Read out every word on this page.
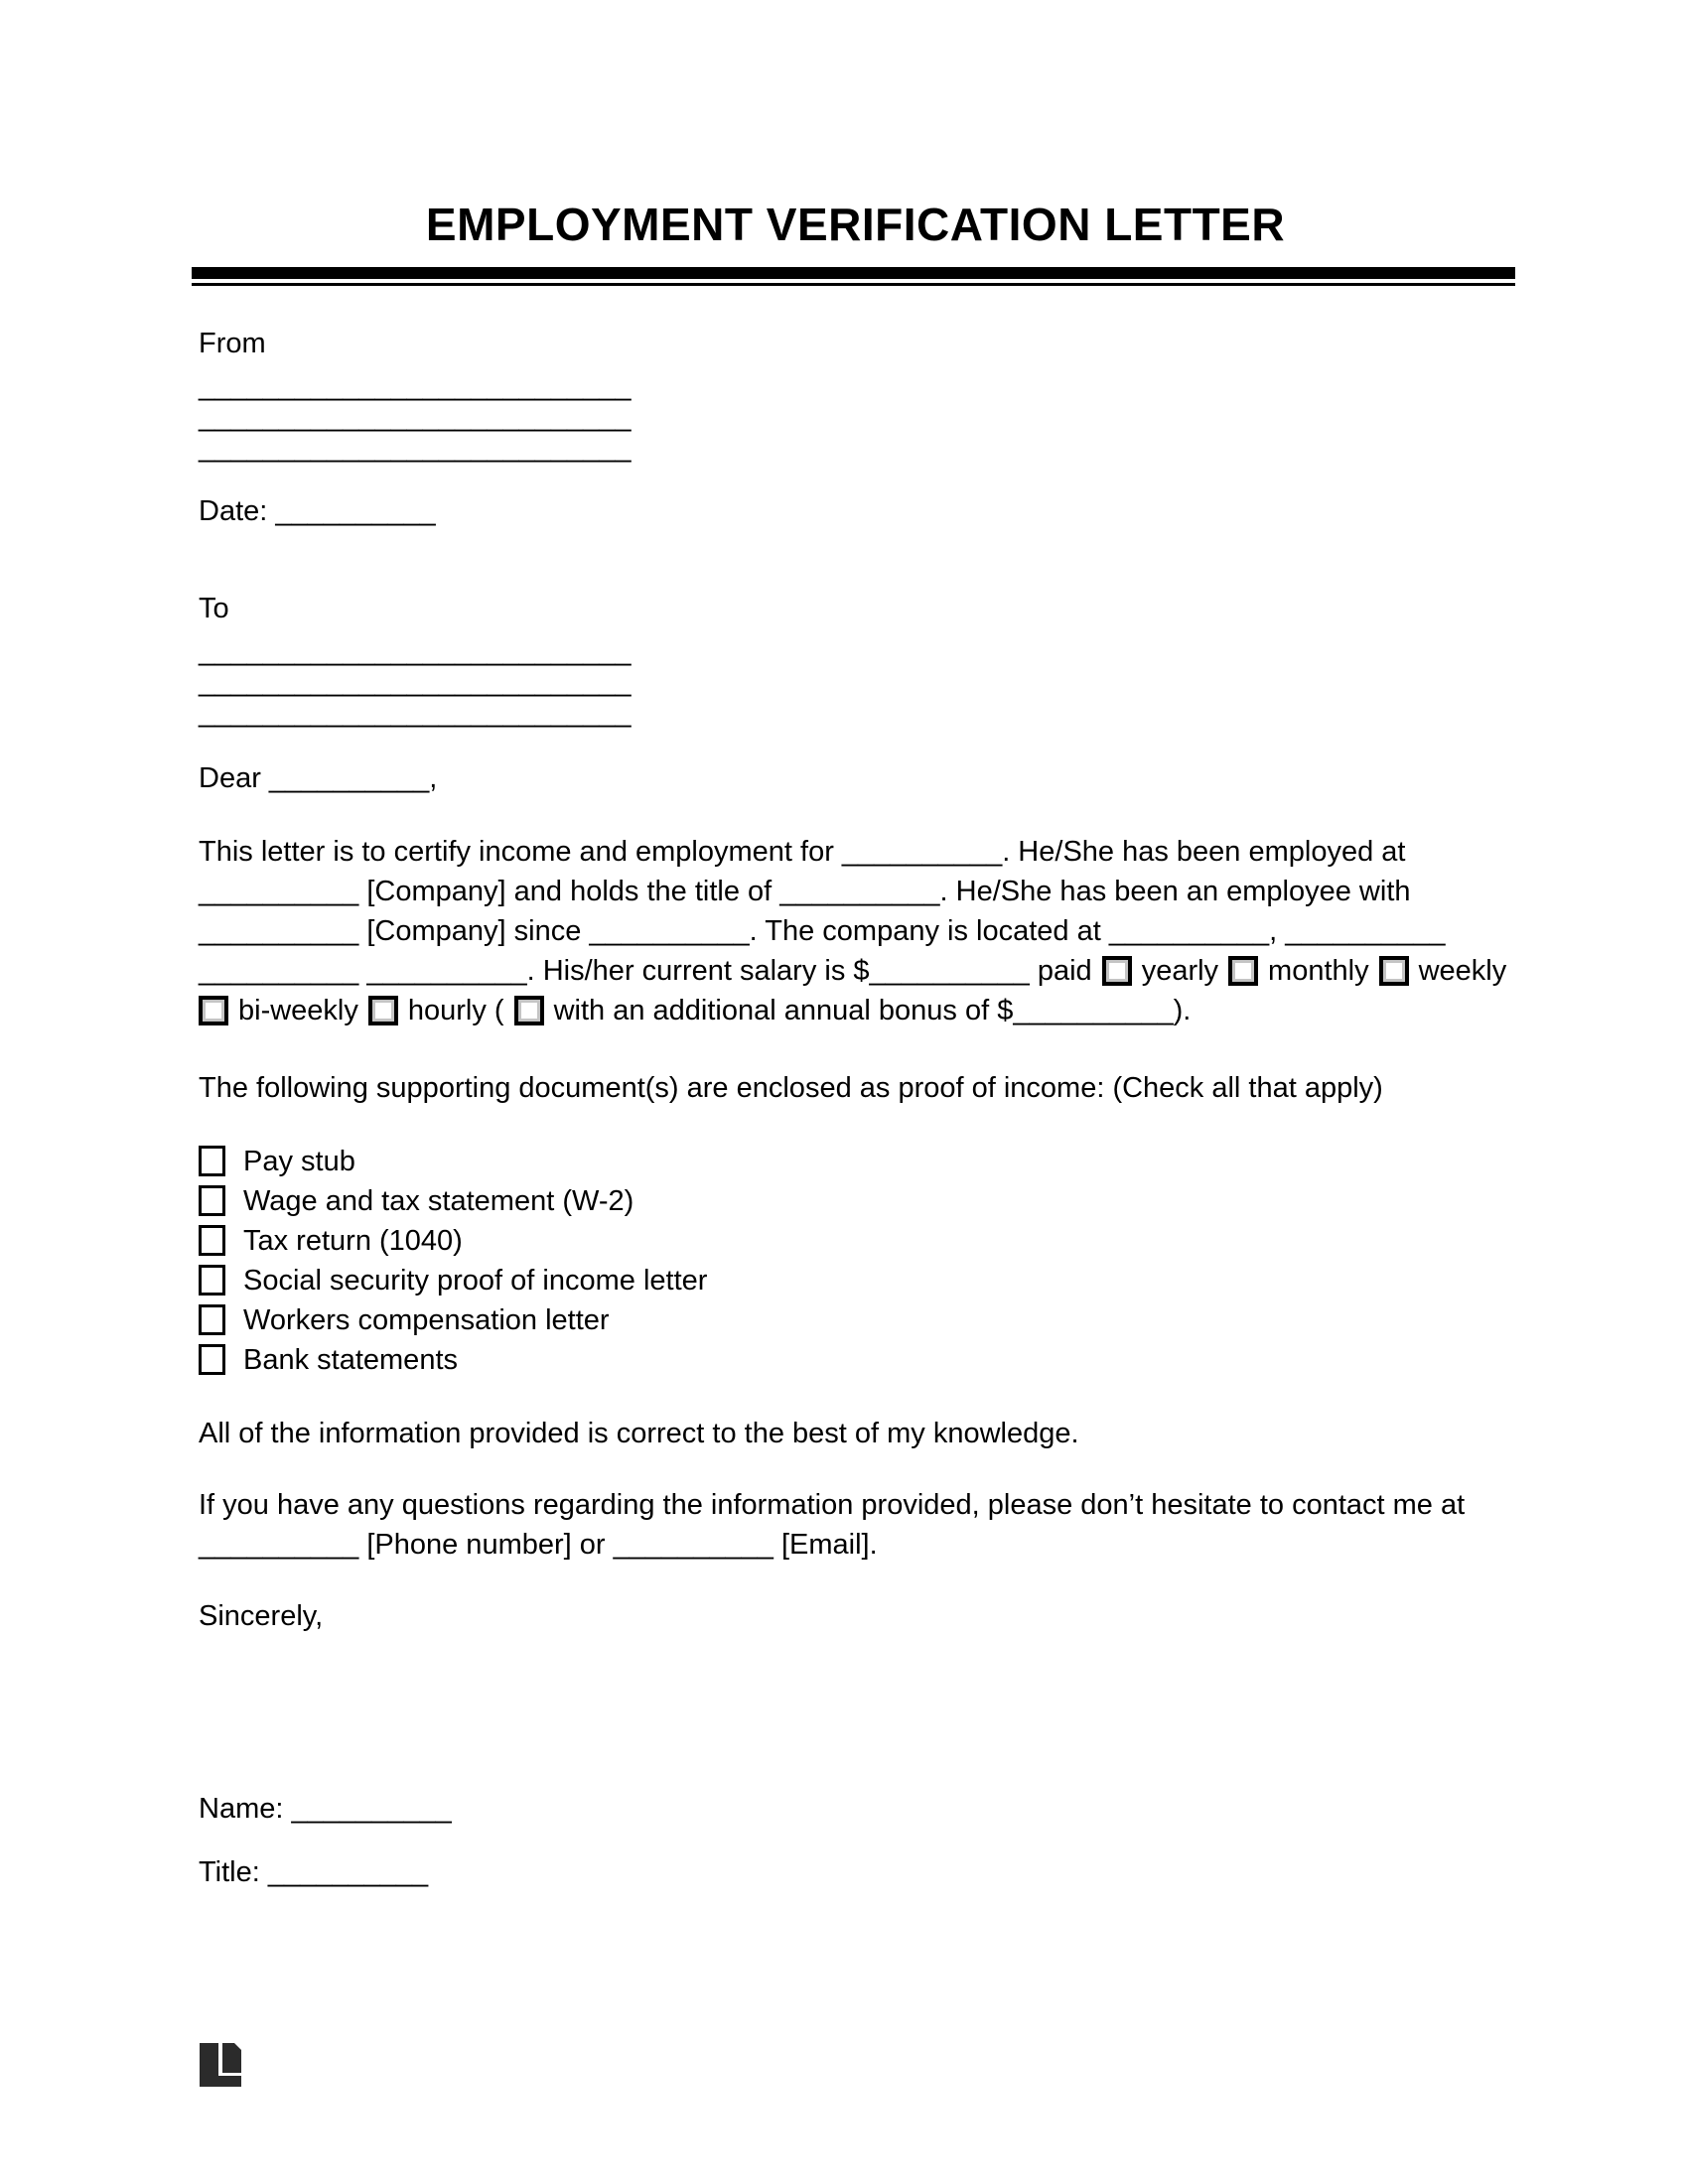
EMPLOYMENT VERIFICATION LETTER
From
___________________________
___________________________
___________________________
Date: __________
To
___________________________
___________________________
___________________________
Dear __________,
This letter is to certify income and employment for __________. He/She has been employed at
__________ [Company] and holds the title of __________. He/She has been an employee with
__________ [Company] since __________. The company is located at __________, __________
__________ __________. His/her current salary is $__________ paid yearly monthly weekly
bi-weekly hourly ( with an additional annual bonus of $__________).
The following supporting document(s) are enclosed as proof of income: (Check all that apply)
Pay stub
Wage and tax statement (W-2)
Tax return (1040)
Social security proof of income letter
Workers compensation letter
Bank statements
All of the information provided is correct to the best of my knowledge.
If you have any questions regarding the information provided, please don’t hesitate to contact me at
__________ [Phone number] or __________ [Email].
Sincerely,
Name: __________
Title: __________
